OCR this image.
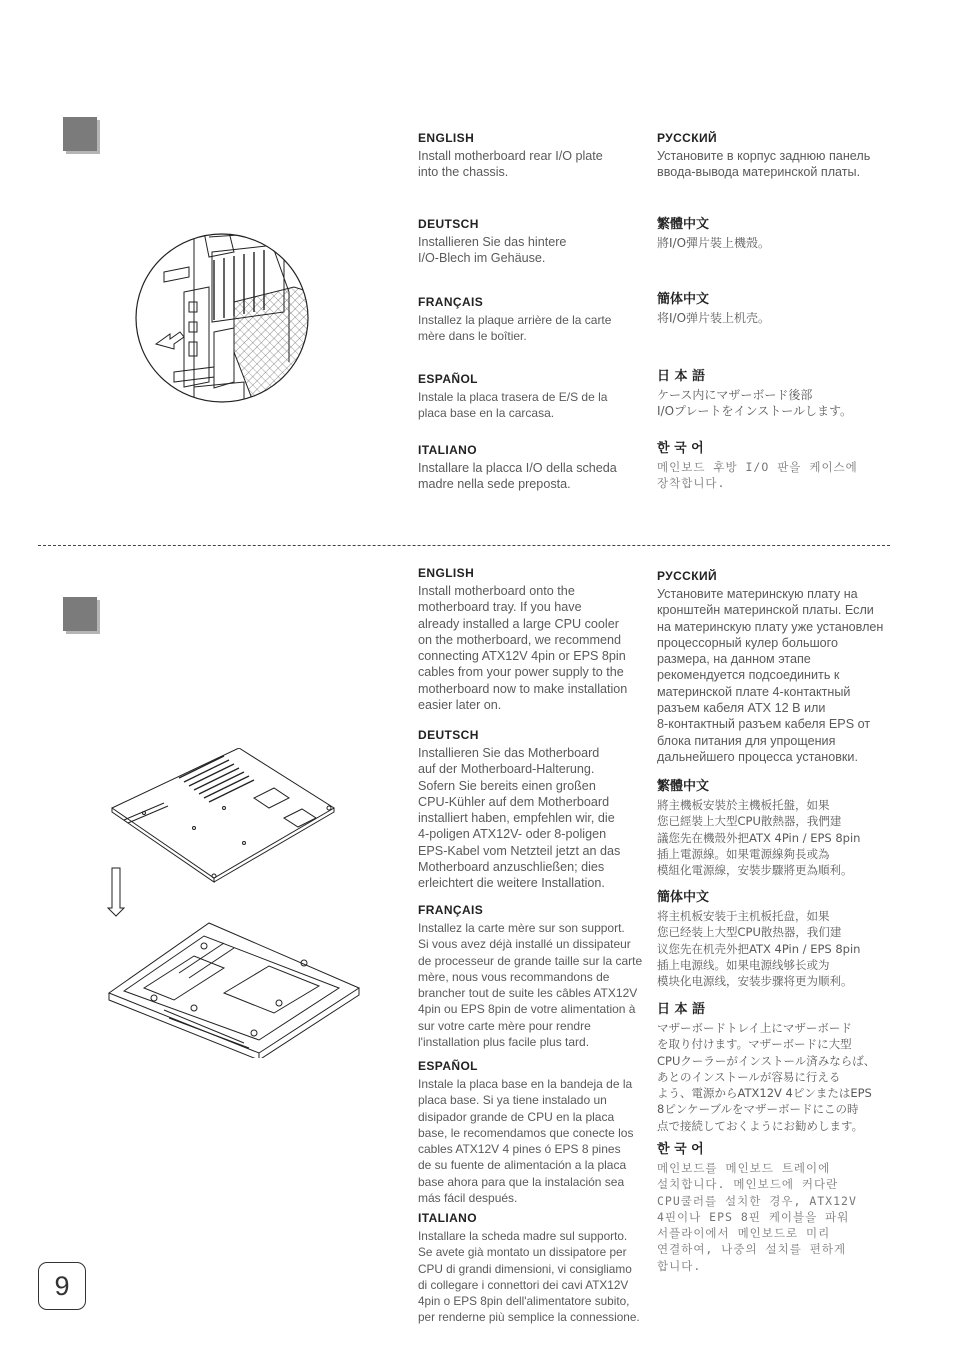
ENGLISH

Install motherboard rear I/O plate

into the chassis.

DEUTSCH

Installieren Sie das hintere

I/O-Blech im Gehäuse.

FRANÇAIS

Installez la plaque arrière de la carte

mère dans le boîtier.

ESPAÑOL

Instale la placa trasera de E/S de la

placa base en la carcasa.

ITALIANO

Installare la placca I/O della scheda

madre nella sede preposta.

РУССКИЙ

Установите в корпус заднюю панель

ввода-вывода материнской платы.

繁體中文

將I/O彈片裝上機殼。

簡体中文

将I/O弹片装上机壳。

日 本 語

ケース内にマザーボード後部

I/Oプレートをインストールします。

한 국 어

메인보드 후방 I/O 판을 케이스에

장착합니다.

ENGLISH

Install motherboard onto the

motherboard tray. If you have

already installed a large CPU cooler

on the motherboard, we recommend

connecting ATX12V 4pin or EPS 8pin

cables from your power supply to the

motherboard now to make installation

easier later on.

DEUTSCH

Installieren Sie das Motherboard

auf der Motherboard-Halterung.

Sofern Sie bereits einen großen

CPU-Kühler auf dem Motherboard

installiert haben, empfehlen wir, die

4-poligen ATX12V- oder 8-poligen

EPS-Kabel vom Netzteil jetzt an das

Motherboard anzuschließen; dies

erleichtert die weitere Installation.

FRANÇAIS

Installez la carte mère sur son support.

Si vous avez déjà installé un dissipateur

de processeur de grande taille sur la carte

mère, nous vous recommandons de

brancher tout de suite les câbles ATX12V

4pin ou EPS 8pin de votre alimentation à

sur votre carte mère pour rendre

l'installation plus facile plus tard.

ESPAÑOL

Instale la placa base en la bandeja de la

placa base. Si ya tiene instalado un

disipador grande de CPU en la placa

base, le recomendamos que conecte los

cables ATX12V 4 pines ó EPS 8 pines

de su fuente de alimentación a la placa

base ahora para que la instalación sea

más fácil después.

ITALIANO

Installare la scheda madre sul supporto.

Se avete già montato un dissipatore per

CPU di grandi dimensioni, vi consigliamo

di collegare i connettori dei cavi ATX12V

4pin o EPS 8pin dell'alimentatore subito,

per renderne più semplice la connessione.

РУССКИЙ

Установите материнскую плату на

кронштейн материнской платы. Если

на материнскую плату уже установлен

процессорный кулер большого

размера, на данном этапе

рекомендуется подсоединить к

материнской плате 4-контактный

разъем кабеля ATX 12 В или

8-контактный разъем кабеля EPS от

блока питания для упрощения

дальнейшего процесса установки.

繁體中文

將主機板安裝於主機板托盤，如果

您已經裝上大型CPU散熱器，我們建

議您先在機殼外把ATX 4Pin / EPS 8pin

插上電源線。如果電源線夠長或為

模組化電源線，安裝步驟將更為順利。

簡体中文

将主机板安装于主机板托盘，如果

您已经装上大型CPU散热器，我们建

议您先在机壳外把ATX 4Pin / EPS 8pin

插上电源线。如果电源线够长或为

模块化电源线，安装步骤将更为顺利。

日 本 語

マザーボードトレイ上にマザーボード

を取り付けます。マザーボードに大型

CPUクーラーがインストール済みならば、

あとのインストールが容易に行える

よう、電源からATX12V 4ピンまたはEPS

8ピンケーブルをマザーボードにこの時

点で接続しておくようにお勧めします。

한 국 어

메인보드를 메인보드 트레이에

설치합니다. 메인보드에 커다란

CPU쿨러를 설치한 경우, ATX12V

4핀이나 EPS 8핀 케이블을 파워

서플라이에서 메인보드로 미리

연결하여, 나중의 설치를 편하게

합니다.

9
